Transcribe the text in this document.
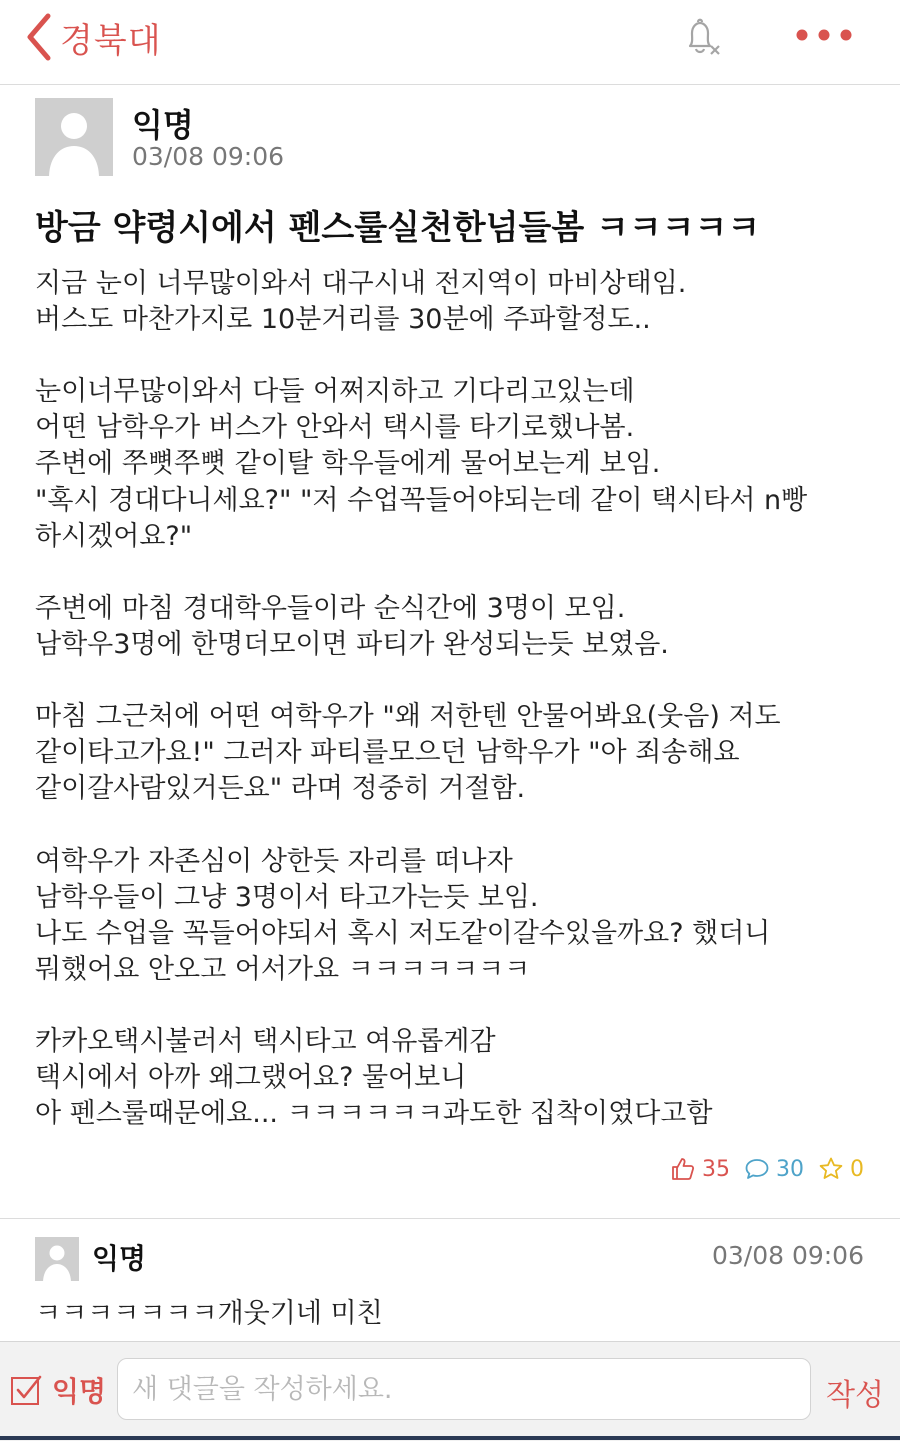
경북대
익명
03/08 09:06
방금 약령시에서 펜스룰실천한넘들봄 ㅋㅋㅋㅋㅋ

지금 눈이 너무많이와서 대구시내 전지역이 마비상태임.
버스도 마찬가지로 10분거리를 30분에 주파할정도..

눈이너무많이와서 다들 어쩌지하고 기다리고있는데
어떤 남학우가 버스가 안와서 택시를 타기로했나봄.
주변에 쭈뼛쭈뼛 같이탈 학우들에게 물어보는게 보임.
"혹시 경대다니세요?" "저 수업꼭들어야되는데 같이 택시타서 n빵
하시겠어요?"

주변에 마침 경대학우들이라 순식간에 3명이 모임.
남학우3명에 한명더모이면 파티가 완성되는듯 보였음.

마침 그근처에 어떤 여학우가 "왜 저한텐 안물어봐요(웃음) 저도
같이타고가요!" 그러자 파티를모으던 남학우가 "아 죄송해요
같이갈사람있거든요" 라며 정중히 거절함.

여학우가 자존심이 상한듯 자리를 떠나자
남학우들이 그냥 3명이서 타고가는듯 보임.
나도 수업을 꼭들어야되서 혹시 저도같이갈수있을까요? 했더니
뭐했어요 안오고 어서가요 ㅋㅋㅋㅋㅋㅋㅋ

카카오택시불러서 택시타고 여유롭게감
택시에서 아까 왜그랬어요? 물어보니
아 펜스룰때문에요... ㅋㅋㅋㅋㅋㅋ과도한 집착이였다고함

35 30 0
익명	03/08 09:06
ㅋㅋㅋㅋㅋㅋㅋ개웃기네 미친
익명
새 댓글을 작성하세요.	작성
